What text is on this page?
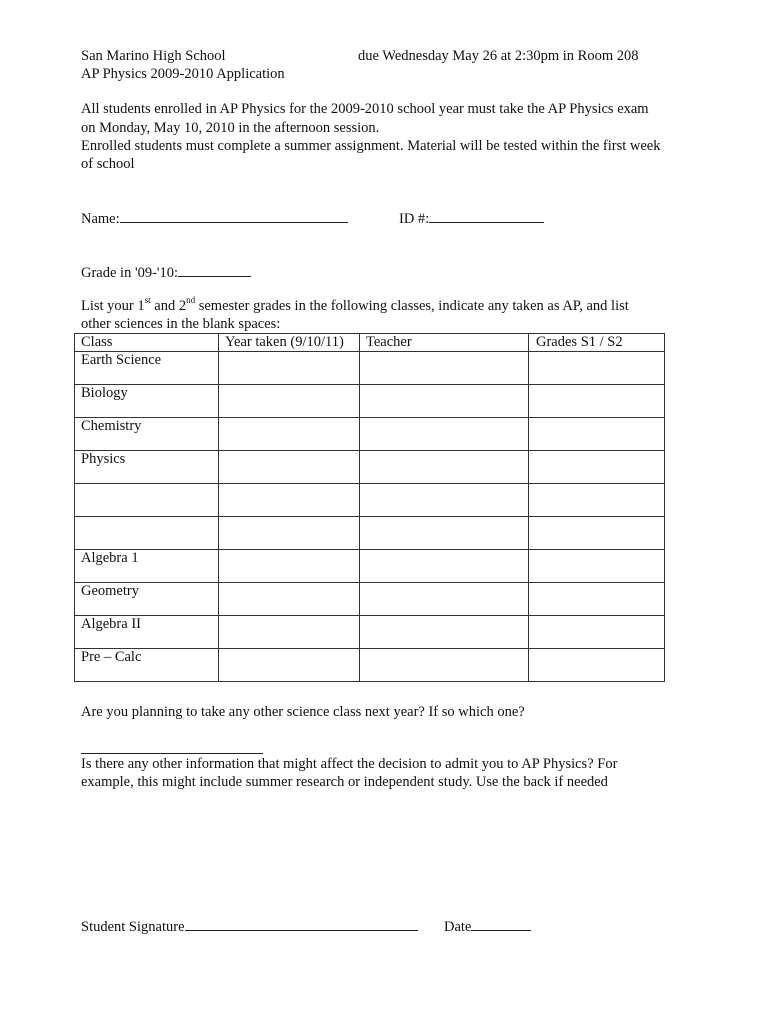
San Marino High School	due Wednesday May 26 at 2:30pm in Room 208
AP Physics 2009-2010 Application
All students enrolled in AP Physics for the 2009-2010 school year must take the AP Physics exam
on Monday, May 10, 2010 in the afternoon session.
Enrolled students must complete a summer assignment. Material will be tested within the first week
of school
Name:	ID #:
Grade in '09-'10:
List your 1st and 2nd semester grades in the following classes, indicate any taken as AP, and list
other sciences in the blank spaces:
Class	Year taken (9/10/11)	Teacher	Grades S1 / S2
Earth Science			
Biology			
Chemistry			
Physics			

Algebra 1			
Geometry			
Algebra II			
Pre – Calc			
Are you planning to take any other science class next year? If so which one?
Is there any other information that might affect the decision to admit you to AP Physics? For
example, this might include summer research or independent study. Use the back if needed
Student Signature	Date
